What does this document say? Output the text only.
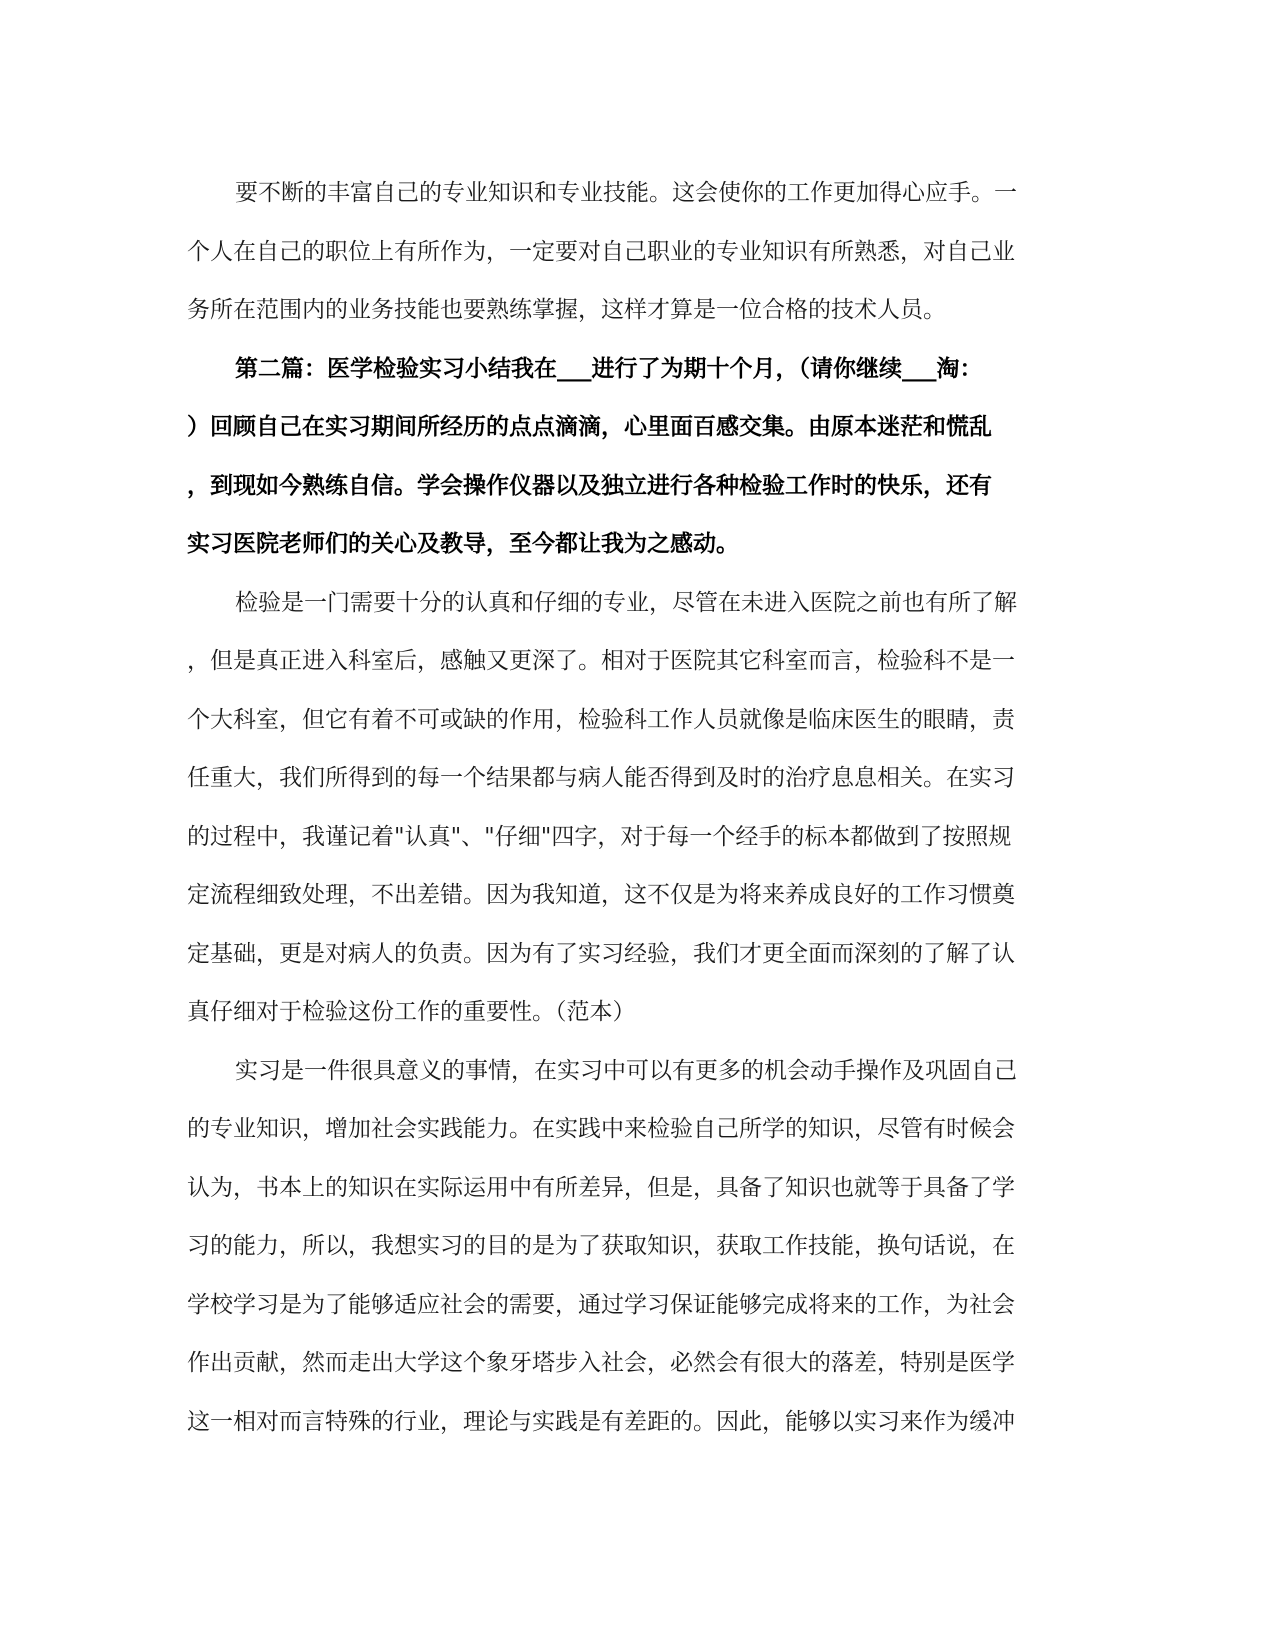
要不断的丰富自己的专业知识和专业技能。这会使你的工作更加得心应手。一
个人在自己的职位上有所作为，一定要对自己职业的专业知识有所熟悉，对自己业
务所在范围内的业务技能也要熟练掌握，这样才算是一位合格的技术人员。
第二篇：医学检验实习小结我在___进行了为期十个月，（请你继续___淘：
）回顾自己在实习期间所经历的点点滴滴，心里面百感交集。由原本迷茫和慌乱
，到现如今熟练自信。学会操作仪器以及独立进行各种检验工作时的快乐，还有
实习医院老师们的关心及教导，至今都让我为之感动。
检验是一门需要十分的认真和仔细的专业，尽管在未进入医院之前也有所了解
，但是真正进入科室后，感触又更深了。相对于医院其它科室而言，检验科不是一
个大科室，但它有着不可或缺的作用，检验科工作人员就像是临床医生的眼睛，责
任重大，我们所得到的每一个结果都与病人能否得到及时的治疗息息相关。在实习
的过程中，我谨记着"认真"、"仔细"四字，对于每一个经手的标本都做到了按照规
定流程细致处理，不出差错。因为我知道，这不仅是为将来养成良好的工作习惯奠
定基础，更是对病人的负责。因为有了实习经验，我们才更全面而深刻的了解了认
真仔细对于检验这份工作的重要性。（范本）
实习是一件很具意义的事情，在实习中可以有更多的机会动手操作及巩固自己
的专业知识，增加社会实践能力。在实践中来检验自己所学的知识，尽管有时候会
认为，书本上的知识在实际运用中有所差异，但是，具备了知识也就等于具备了学
习的能力，所以，我想实习的目的是为了获取知识，获取工作技能，换句话说，在
学校学习是为了能够适应社会的需要，通过学习保证能够完成将来的工作，为社会
作出贡献，然而走出大学这个象牙塔步入社会，必然会有很大的落差，特别是医学
这一相对而言特殊的行业，理论与实践是有差距的。因此，能够以实习来作为缓冲
